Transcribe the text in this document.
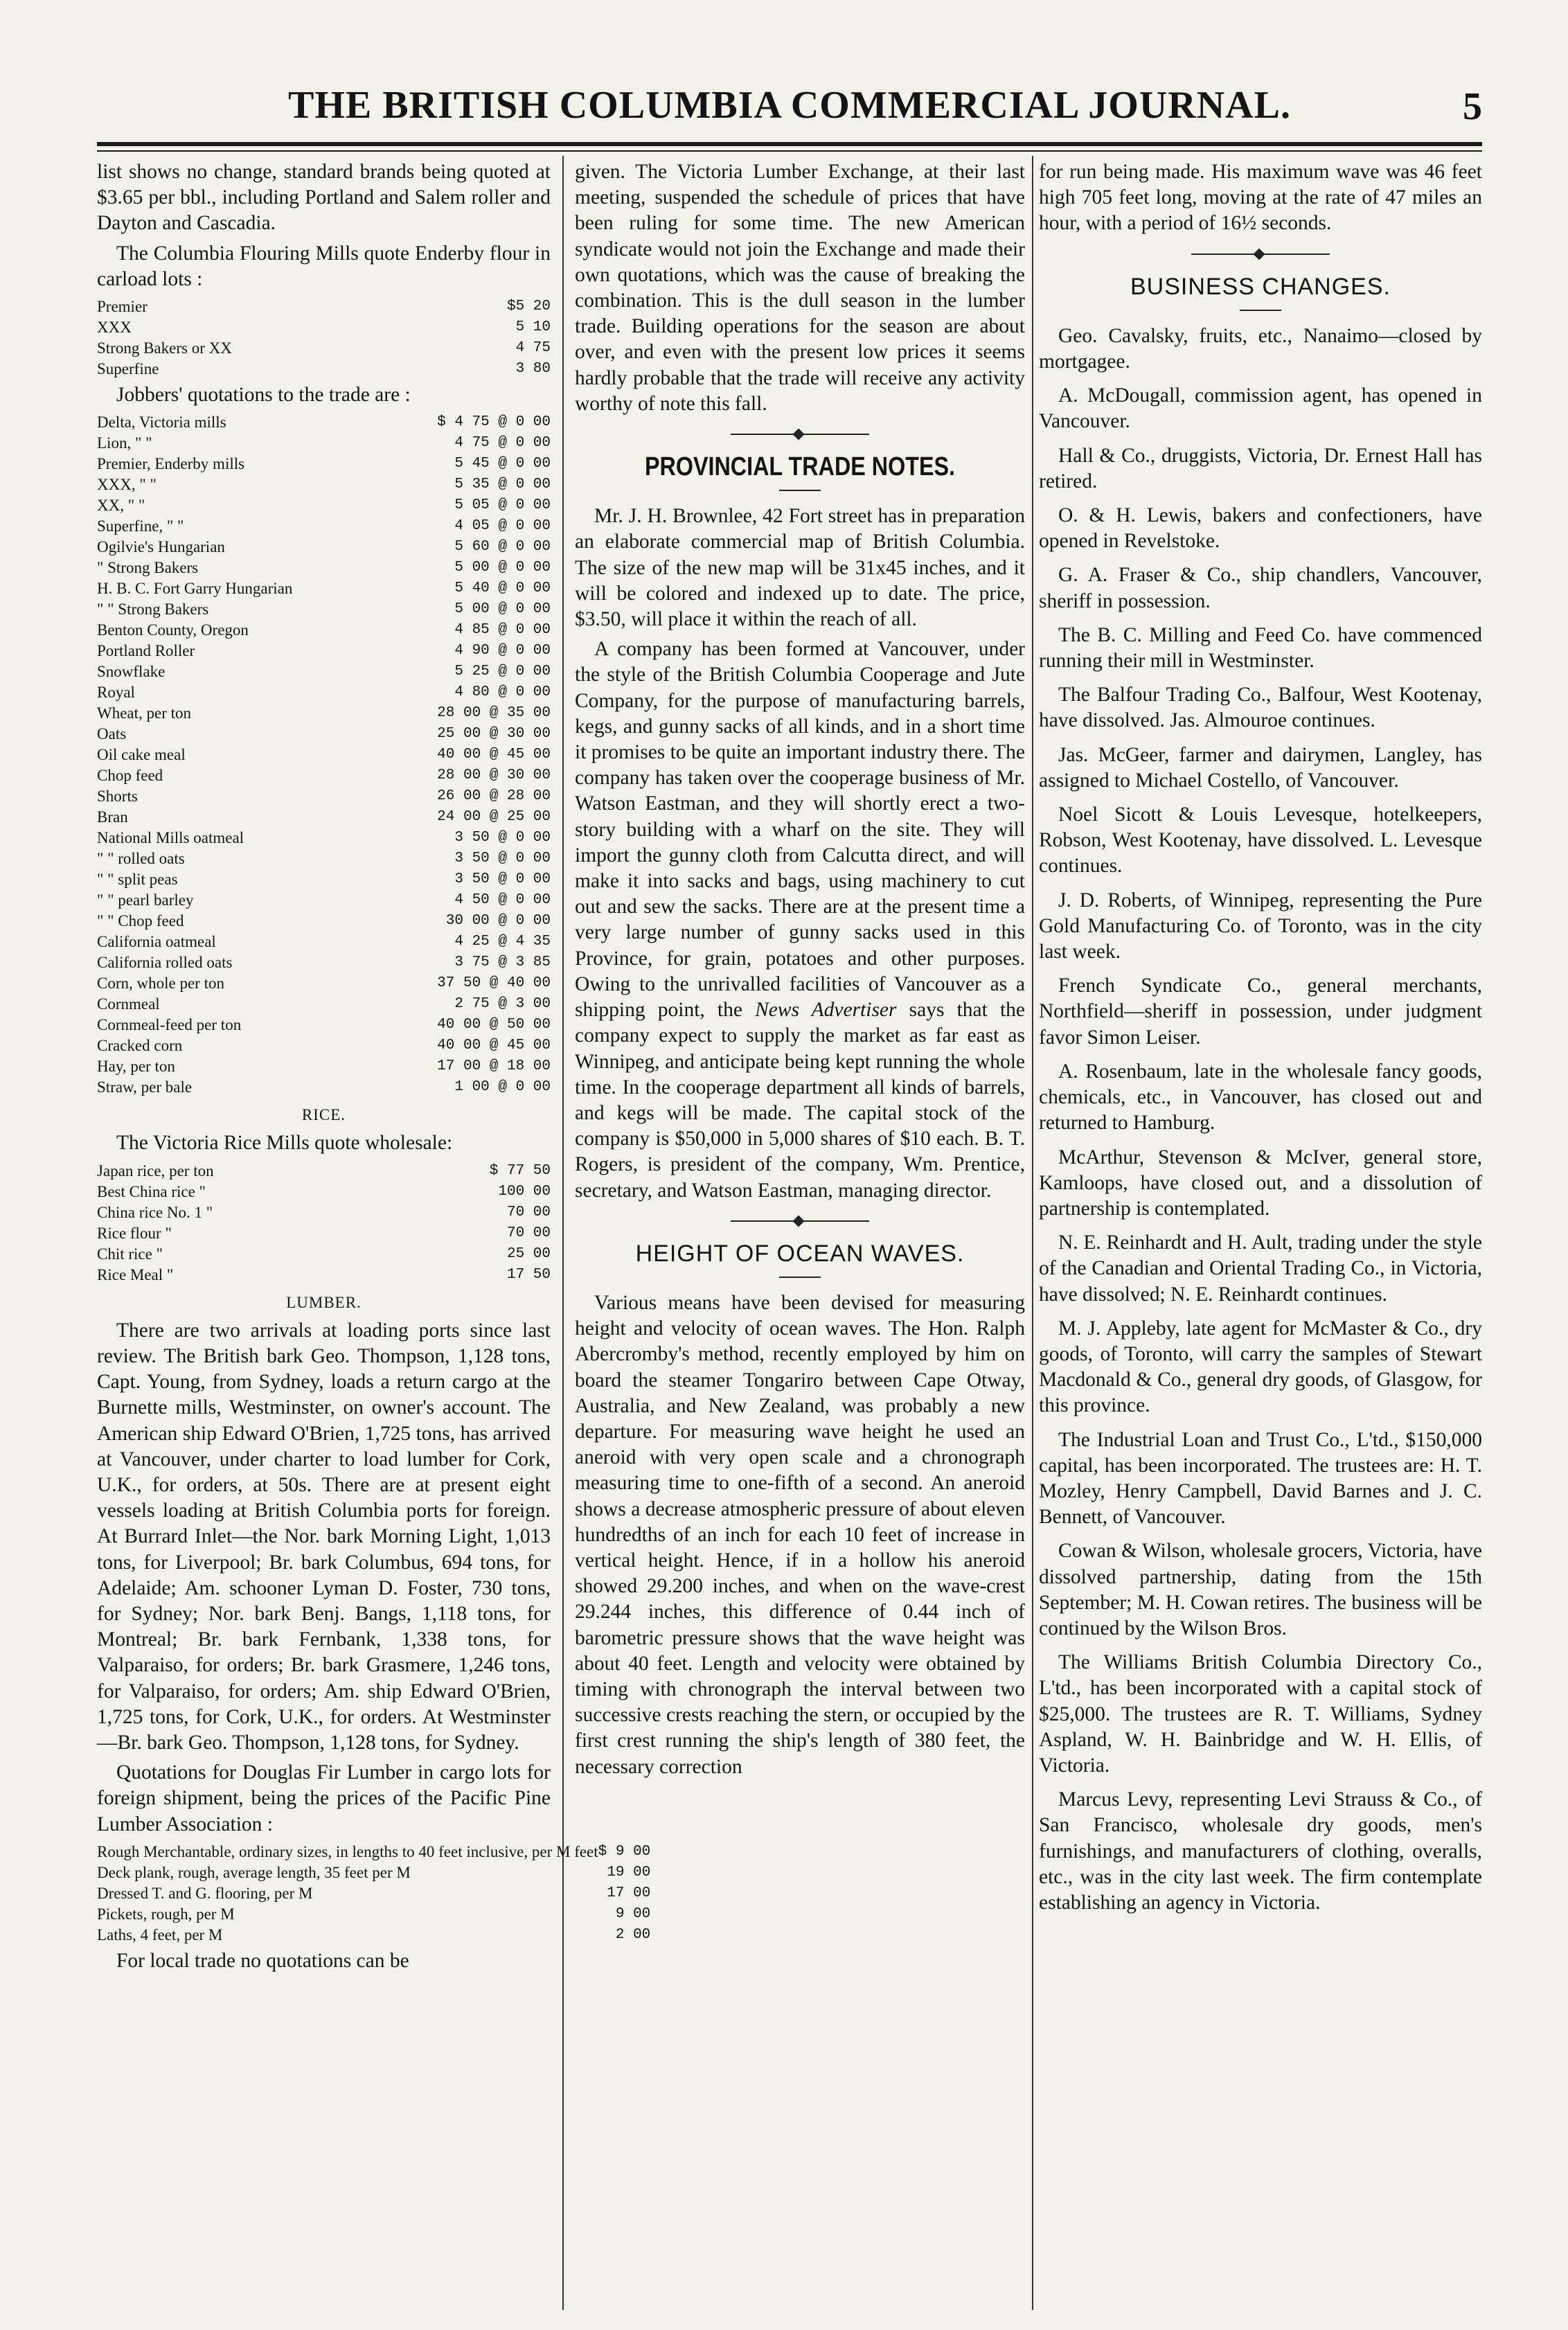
THE BRITISH COLUMBIA COMMERCIAL JOURNAL.	5

list shows no change, standard brands being quoted at $3.65 per bbl., including Portland and Salem roller and Dayton and Cascadia.

The Columbia Flouring Mills quote Enderby flour in carload lots :

Premier	$5 20
XXX	5 10
Strong Bakers or XX	4 75
Superfine	3 80

Jobbers' quotations to the trade are :

Delta, Victoria mills	$ 4 75 @ 0 00
Lion, " "	4 75 @ 0 00
Premier, Enderby mills	5 45 @ 0 00
XXX, " "	5 35 @ 0 00
XX, " "	5 05 @ 0 00
Superfine, " "	4 05 @ 0 00
Ogilvie's Hungarian	5 60 @ 0 00
" Strong Bakers	5 00 @ 0 00
H. B. C. Fort Garry Hungarian	5 40 @ 0 00
" " Strong Bakers	5 00 @ 0 00
Benton County, Oregon	4 85 @ 0 00
Portland Roller	4 90 @ 0 00
Snowflake	5 25 @ 0 00
Royal	4 80 @ 0 00
Wheat, per ton	28 00 @ 35 00
Oats	25 00 @ 30 00
Oil cake meal	40 00 @ 45 00
Chop feed	28 00 @ 30 00
Shorts	26 00 @ 28 00
Bran	24 00 @ 25 00
National Mills oatmeal	3 50 @ 0 00
" " rolled oats	3 50 @ 0 00
" " split peas	3 50 @ 0 00
" " pearl barley	4 50 @ 0 00
" " Chop feed	30 00 @ 0 00
California oatmeal	4 25 @ 4 35
California rolled oats	3 75 @ 3 85
Corn, whole per ton	37 50 @ 40 00
Cornmeal	2 75 @ 3 00
Cornmeal-feed per ton	40 00 @ 50 00
Cracked corn	40 00 @ 45 00
Hay, per ton	17 00 @ 18 00
Straw, per bale	1 00 @ 0 00
RICE.

The Victoria Rice Mills quote wholesale:

Japan rice, per ton	$ 77 50
Best China rice "	100 00
China rice No. 1 "	70 00
Rice flour "	70 00
Chit rice "	25 00
Rice Meal "	17 50
LUMBER.

There are two arrivals at loading ports since last review. The British bark Geo. Thompson, 1,128 tons, Capt. Young, from Sydney, loads a return cargo at the Burnette mills, Westminster, on owner's account. The American ship Edward O'Brien, 1,725 tons, has arrived at Vancouver, under charter to load lumber for Cork, U.K., for orders, at 50s. There are at present eight vessels loading at British Columbia ports for foreign. At Burrard Inlet—the Nor. bark Morning Light, 1,013 tons, for Liverpool; Br. bark Columbus, 694 tons, for Adelaide; Am. schooner Lyman D. Foster, 730 tons, for Sydney; Nor. bark Benj. Bangs, 1,118 tons, for Montreal; Br. bark Fernbank, 1,338 tons, for Valparaiso, for orders; Br. bark Grasmere, 1,246 tons, for Valparaiso, for orders; Am. ship Edward O'Brien, 1,725 tons, for Cork, U.K., for orders. At Westminster—Br. bark Geo. Thompson, 1,128 tons, for Sydney.

Quotations for Douglas Fir Lumber in cargo lots for foreign shipment, being the prices of the Pacific Pine Lumber Association :

Rough Merchantable, ordinary sizes, in lengths to 40 feet inclusive, per M feet	$ 9 00
Deck plank, rough, average length, 35 feet per M	19 00
Dressed T. and G. flooring, per M	17 00
Pickets, rough, per M	9 00
Laths, 4 feet, per M	2 00

For local trade no quotations can be

given. The Victoria Lumber Exchange, at their last meeting, suspended the schedule of prices that have been ruling for some time. The new American syndicate would not join the Exchange and made their own quotations, which was the cause of breaking the combination. This is the dull season in the lumber trade. Building operations for the season are about over, and even with the present low prices it seems hardly probable that the trade will receive any activity worthy of note this fall.

PROVINCIAL TRADE NOTES.

Mr. J. H. Brownlee, 42 Fort street has in preparation an elaborate commercial map of British Columbia. The size of the new map will be 31x45 inches, and it will be colored and indexed up to date. The price, $3.50, will place it within the reach of all.

A company has been formed at Vancouver, under the style of the British Columbia Cooperage and Jute Company, for the purpose of manufacturing barrels, kegs, and gunny sacks of all kinds, and in a short time it promises to be quite an important industry there. The company has taken over the cooperage business of Mr. Watson Eastman, and they will shortly erect a two-story building with a wharf on the site. They will import the gunny cloth from Calcutta direct, and will make it into sacks and bags, using machinery to cut out and sew the sacks. There are at the present time a very large number of gunny sacks used in this Province, for grain, potatoes and other purposes. Owing to the unrivalled facilities of Vancouver as a shipping point, the News Advertiser says that the company expect to supply the market as far east as Winnipeg, and anticipate being kept running the whole time. In the cooperage department all kinds of barrels, and kegs will be made. The capital stock of the company is $50,000 in 5,000 shares of $10 each. B. T. Rogers, is president of the company, Wm. Prentice, secretary, and Watson Eastman, managing director.

HEIGHT OF OCEAN WAVES.

Various means have been devised for measuring height and velocity of ocean waves. The Hon. Ralph Abercromby's method, recently employed by him on board the steamer Tongariro between Cape Otway, Australia, and New Zealand, was probably a new departure. For measuring wave height he used an aneroid with very open scale and a chronograph measuring time to one-fifth of a second. An aneroid shows a decrease atmospheric pressure of about eleven hundredths of an inch for each 10 feet of increase in vertical height. Hence, if in a hollow his aneroid showed 29.200 inches, and when on the wave-crest 29.244 inches, this difference of 0.44 inch of barometric pressure shows that the wave height was about 40 feet. Length and velocity were obtained by timing with chronograph the interval between two successive crests reaching the stern, or occupied by the first crest running the ship's length of 380 feet, the necessary correction

for run being made. His maximum wave was 46 feet high 705 feet long, moving at the rate of 47 miles an hour, with a period of 16½ seconds.

BUSINESS CHANGES.

Geo. Cavalsky, fruits, etc., Nanaimo—closed by mortgagee.

A. McDougall, commission agent, has opened in Vancouver.

Hall & Co., druggists, Victoria, Dr. Ernest Hall has retired.

O. & H. Lewis, bakers and confectioners, have opened in Revelstoke.

G. A. Fraser & Co., ship chandlers, Vancouver, sheriff in possession.

The B. C. Milling and Feed Co. have commenced running their mill in Westminster.

The Balfour Trading Co., Balfour, West Kootenay, have dissolved. Jas. Almouroe continues.

Jas. McGeer, farmer and dairymen, Langley, has assigned to Michael Costello, of Vancouver.

Noel Sicott & Louis Levesque, hotelkeepers, Robson, West Kootenay, have dissolved. L. Levesque continues.

J. D. Roberts, of Winnipeg, representing the Pure Gold Manufacturing Co. of Toronto, was in the city last week.

French Syndicate Co., general merchants, Northfield—sheriff in possession, under judgment favor Simon Leiser.

A. Rosenbaum, late in the wholesale fancy goods, chemicals, etc., in Vancouver, has closed out and returned to Hamburg.

McArthur, Stevenson & McIver, general store, Kamloops, have closed out, and a dissolution of partnership is contemplated.

N. E. Reinhardt and H. Ault, trading under the style of the Canadian and Oriental Trading Co., in Victoria, have dissolved; N. E. Reinhardt continues.

M. J. Appleby, late agent for McMaster & Co., dry goods, of Toronto, will carry the samples of Stewart Macdonald & Co., general dry goods, of Glasgow, for this province.

The Industrial Loan and Trust Co., L'td., $150,000 capital, has been incorporated. The trustees are: H. T. Mozley, Henry Campbell, David Barnes and J. C. Bennett, of Vancouver.

Cowan & Wilson, wholesale grocers, Victoria, have dissolved partnership, dating from the 15th September; M. H. Cowan retires. The business will be continued by the Wilson Bros.

The Williams British Columbia Directory Co., L'td., has been incorporated with a capital stock of $25,000. The trustees are R. T. Williams, Sydney Aspland, W. H. Bainbridge and W. H. Ellis, of Victoria.

Marcus Levy, representing Levi Strauss & Co., of San Francisco, wholesale dry goods, men's furnishings, and manufacturers of clothing, overalls, etc., was in the city last week. The firm contemplate establishing an agency in Victoria.
